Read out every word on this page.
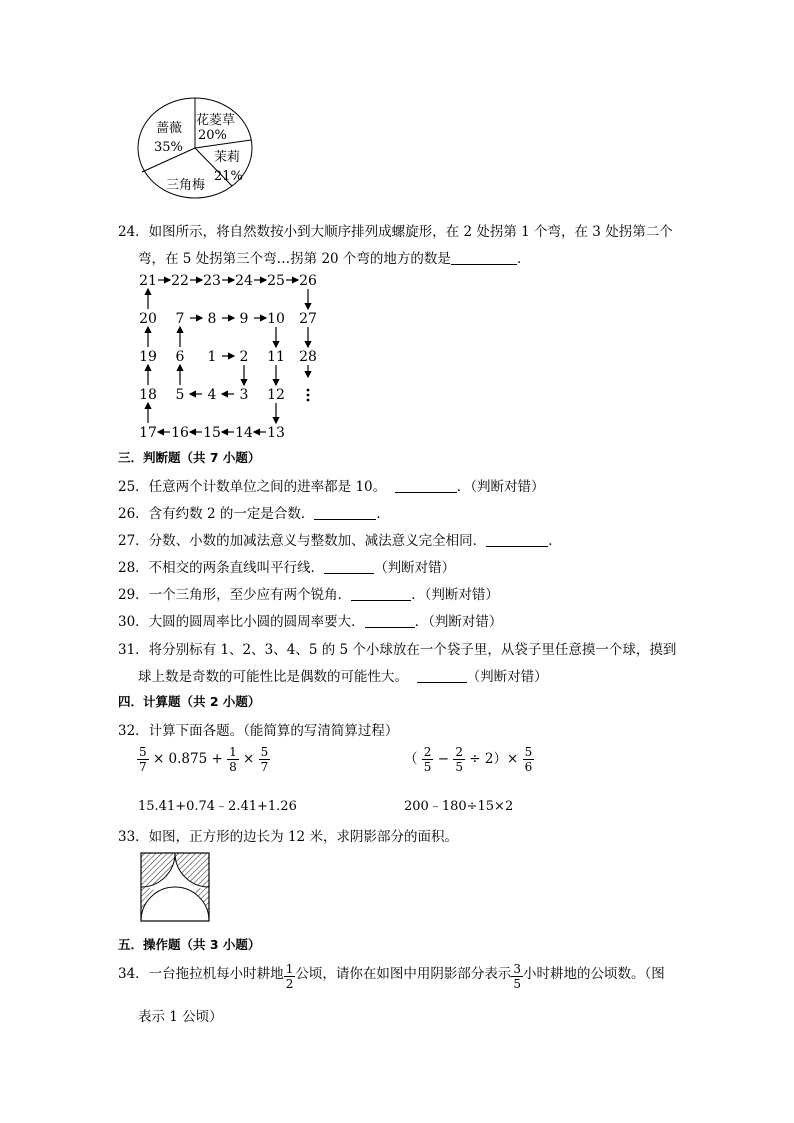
蔷薇
35%
花菱草
20%
茉莉
21%
三角梅
24．如图所示，将自然数按小到大顺序排列成螺旋形，在 2 处拐第 1 个弯，在 3 处拐第二个
弯，在 5 处拐第三个弯…拐第 20 个弯的地方的数是	．
1 2
3
4
5
6
7 8 9 10
11
12
13
14
15
16
17
18
19
20
21 22 23 24 25 26
27
28
三．判断题（共 7 小题）
25．任意两个计数单位之间的进率都是 10。	．（判断对错）
26．含有约数 2 的一定是合数．	．
27．分数、小数的加减法意义与整数加、减法意义完全相同．	．
28．不相交的两条直线叫平行线．	（判断对错）
29．一个三角形，至少应有两个锐角．	．（判断对错）
30．大圆的圆周率比小圆的圆周率要大．	．（判断对错）
31．将分别标有 1、2、3、4、5 的 5 个小球放在一个袋子里，从袋子里任意摸一个球，摸到
球上数是奇数的可能性比是偶数的可能性大。	（判断对错）
四．计算题（共 2 小题）
32．计算下面各题。（能简算的写清简算过程）
$\frac{5}{7} \times 0.875 + \frac{1}{8} \times \frac{5}{7}$	（ $\frac{2}{5} - \frac{2}{5} \div 2)\times \frac{5}{6}$
15.41+0.74﹣2.41+1.26	200﹣180÷15×2
33．如图，正方形的边长为 12 米，求阴影部分的面积。
五．操作题（共 3 小题）
34．一台拖拉机每小时耕地 $\frac{1}{2}$ 公顷，请你在如图中用阴影部分表示 $\frac{3}{5}$ 小时耕地的公顷数。（图
表示 1 公顷）
